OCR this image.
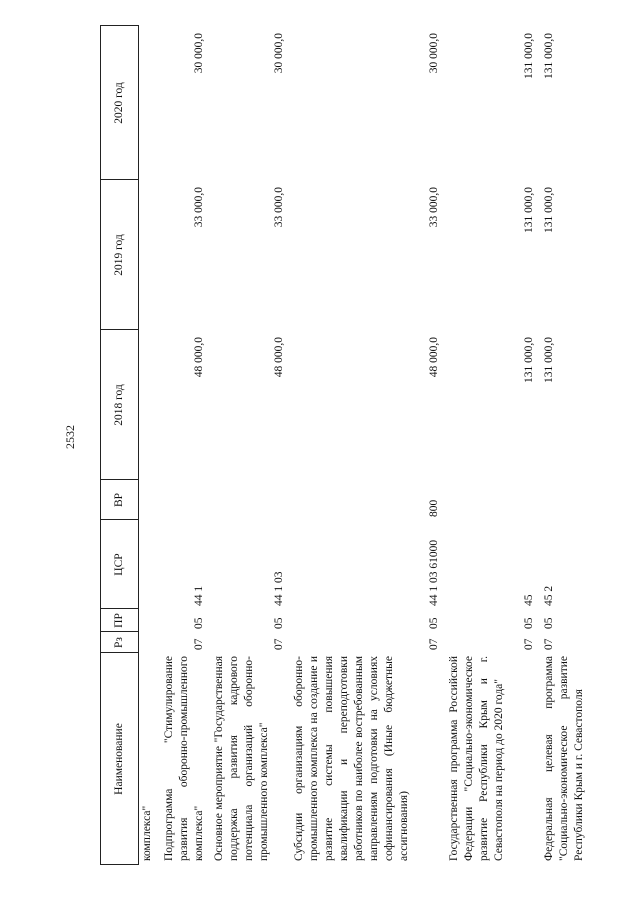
2532
Наименование
Рз
ПР
ЦСР
ВР
2018 год
2019 год
2020 год
комплекса" Подпрограмма "Стимулирование развития оборонно-промышленного комплекса"
07
05
44 1
48 000,0
33 000,0
30 000,0
Основное мероприятие "Государственная поддержка развития кадрового потенциала организаций оборонно-промышленного комплекса"
07
05
44 1 03
48 000,0
33 000,0
30 000,0
Субсидии организациям оборонно-промышленного комплекса на создание и развитие системы повышения квалификации и переподготовки работников по наиболее востребованным направлениям подготовки на условиях софинансирования (Иные бюджетные ассигнования)
07
05
44 1 03 61000
800
48 000,0
33 000,0
30 000,0
Государственная программа Российской Федерации "Социально-экономическое развитие Республики Крым и г. Севастополя на период до 2020 года"
07
05
45
131 000,0
131 000,0
131 000,0
Федеральная целевая программа "Социально-экономическое развитие Республики Крым и г. Севастополя
07
05
45 2
131 000,0
131 000,0
131 000,0
